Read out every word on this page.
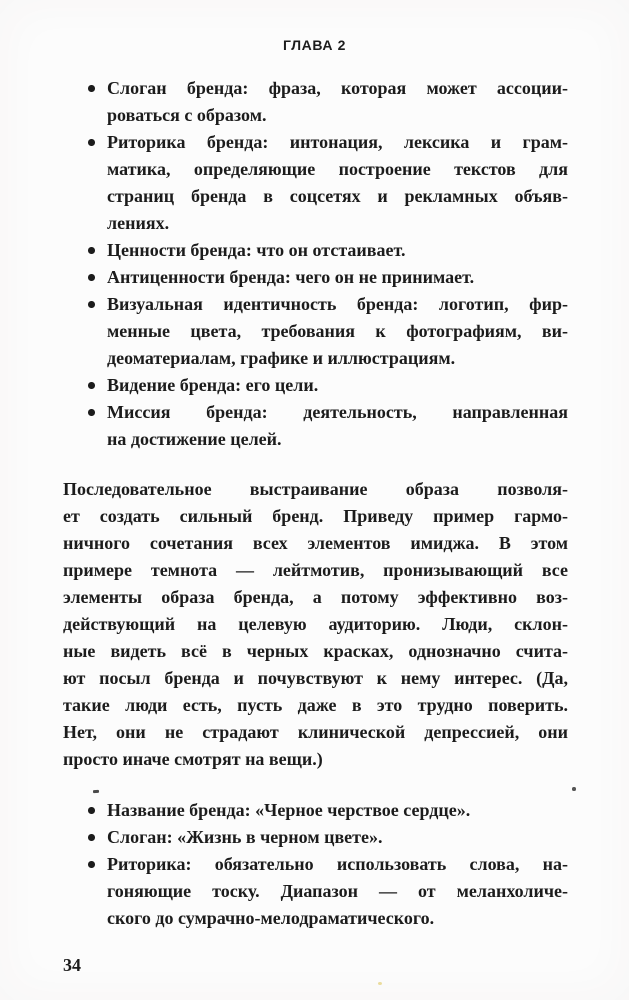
ГЛАВА 2
Слоган бренда: фраза, которая может ассоции-
роваться с образом.
Риторика бренда: интонация, лексика и грам-
матика, определяющие построение текстов для
страниц бренда в соцсетях и рекламных объяв-
лениях.
Ценности бренда: что он отстаивает.
Антиценности бренда: чего он не принимает.
Визуальная идентичность бренда: логотип, фир-
менные цвета, требования к фотографиям, ви-
деоматериалам, графике и иллюстрациям.
Видение бренда: его цели.
Миссия бренда: деятельность, направленная
на достижение целей.
Последовательное выстраивание образа позволя-
ет создать сильный бренд. Приведу пример гармо-
ничного сочетания всех элементов имиджа. В этом
примере темнота — лейтмотив, пронизывающий все
элементы образа бренда, а потому эффективно воз-
действующий на целевую аудиторию. Люди, склон-
ные видеть всё в черных красках, однозначно счита-
ют посыл бренда и почувствуют к нему интерес. (Да,
такие люди есть, пусть даже в это трудно поверить.
Нет, они не страдают клинической депрессией, они
просто иначе смотрят на вещи.)
Название бренда: «Черное черствое сердце».
Слоган: «Жизнь в черном цвете».
Риторика: обязательно использовать слова, на-
гоняющие тоску. Диапазон — от меланхоличе-
ского до сумрачно-мелодраматического.
34
